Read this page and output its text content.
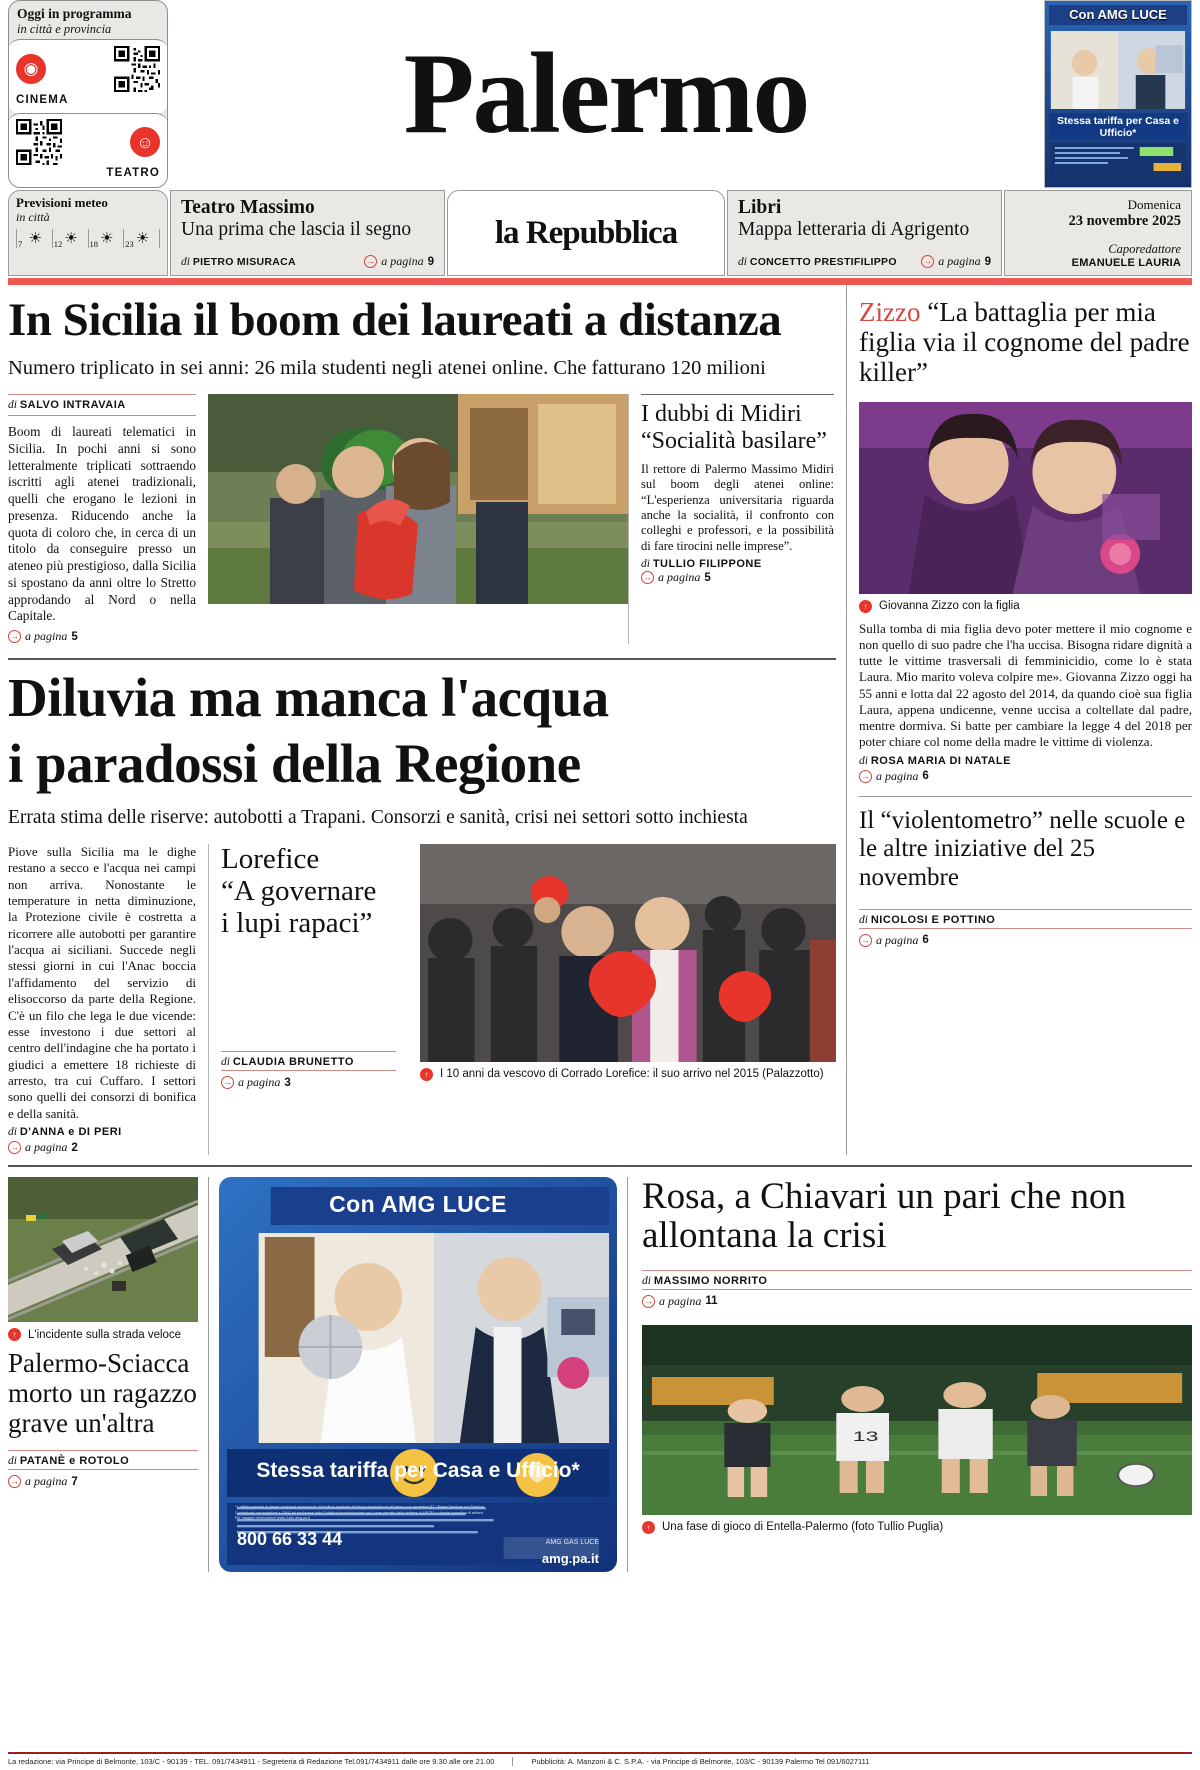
Oggi in programma
in città e provincia
◉
CINEMA
☺
TEATRO
Palermo
Con AMG LUCE
Stessa tariffa per Casa e Ufficio*
Previsioni meteo
in città
☀
7	☀
12	☀
18	☀
23
Teatro Massimo
Una prima che lascia il segno
di PIETRO MISURACA	→ a pagina 9
la Repubblica
Libri
Mappa letteraria di Agrigento
di CONCETTO PRESTIFILIPPO	→ a pagina 9
Domenica
23 novembre 2025
Caporedattore
EMANUELE LAURIA
In Sicilia il boom dei laureati a distanza
Numero triplicato in sei anni: 26 mila studenti negli atenei online. Che fatturano 120 milioni
di SALVO INTRAVAIA
Boom di laureati telematici in Sicilia. In pochi anni si sono letteralmente triplicati sottraendo iscritti agli atenei tradizionali, quelli che erogano le lezioni in presenza. Riducendo anche la quota di coloro che, in cerca di un titolo da conseguire presso un ateneo più prestigioso, dalla Sicilia si spostano da anni oltre lo Stretto approdando al Nord o nella Capitale.
→ a pagina 5
I dubbi di Midiri
“Socialità basilare”
Il rettore di Palermo Massimo Midiri sul boom degli atenei online: “L'esperienza universitaria riguarda anche la socialità, il confronto con colleghi e professori, e la possibilità di fare tirocini nelle imprese”.
di TULLIO FILIPPONE
→ a pagina 5
Diluvia ma manca l'acqua
i paradossi della Regione
Errata stima delle riserve: autobotti a Trapani. Consorzi e sanità, crisi nei settori sotto inchiesta
Piove sulla Sicilia ma le dighe restano a secco e l'acqua nei campi non arriva. Nonostante le temperature in netta diminuzione, la Protezione civile è costretta a ricorrere alle autobotti per garantire l'acqua ai siciliani. Succede negli stessi giorni in cui l'Anac boccia l'affidamento del servizio di elisoccorso da parte della Regione. C'è un filo che lega le due vicende: esse investono i due settori al centro dell'indagine che ha portato i giudici a emettere 18 richieste di arresto, tra cui Cuffaro. I settori sono quelli dei consorzi di bonifica e della sanità.
di D'ANNA e DI PERI
→ a pagina 2
Lorefice
“A governare
i lupi rapaci”
di CLAUDIA BRUNETTO
→ a pagina 3
↑	I 10 anni da vescovo di Corrado Lorefice: il suo arrivo nel 2015 (Palazzotto)
Zizzo “La battaglia per mia figlia via il cognome del padre killer”
↑	Giovanna Zizzo con la figlia
Sulla tomba di mia figlia devo poter mettere il mio cognome e non quello di suo padre che l'ha uccisa. Bisogna ridare dignità a tutte le vittime trasversali di femminicidio, come lo è stata Laura. Mio marito voleva colpire me». Giovanna Zizzo oggi ha 55 anni e lotta dal 22 agosto del 2014, da quando cioè sua figlia Laura, appena undicenne, venne uccisa a coltellate dal padre, mentre dormiva. Si batte per cambiare la legge 4 del 2018 per poter chiare col nome della madre le vittime di violenza.
di ROSA MARIA DI NATALE
→ a pagina 6
Il “violentometro” nelle scuole e le altre iniziative del 25 novembre
di NICOLOSI E POTTINO
→ a pagina 6
↑	L'incidente sulla strada veloce
Palermo-Sciacca morto un ragazzo grave un'altra
di PATANÈ e ROTOLO
→ a pagina 7
Con AMG LUCE
Stessa tariffa per Casa e Ufficio*
* L'offerta prevede le stesse condizioni economiche di fornitura applicata all'utenza domestica ed all'utenza non domestica BT / Bassa Tensione con Potenza Contrattuale non superiore a 15kW ad esclusione della Pubblica Amministrazione così come previsto dalla delibera di ARERA e vigente normativa di settore. Per maggiori informazioni visita il sito amg.pa.it
800 66 33 44
amg.pa.it
AMG GAS LUCE
Rosa, a Chiavari un pari che non allontana la crisi
di MASSIMO NORRITO
→ a pagina 11
13
↑	Una fase di gioco di Entella-Palermo (foto Tullio Puglia)
La redazione: via Principe di Belmonte, 103/C - 90139 - TEL. 091/7434911 - Segreteria di Redazione Tel.091/7434911 dalle ore 9.30 alle ore 21.00	Pubblicità: A. Manzoni & C. S.P.A. - via Principe di Belmonte, 103/C - 90139 Palermo Tel 091/6027111
